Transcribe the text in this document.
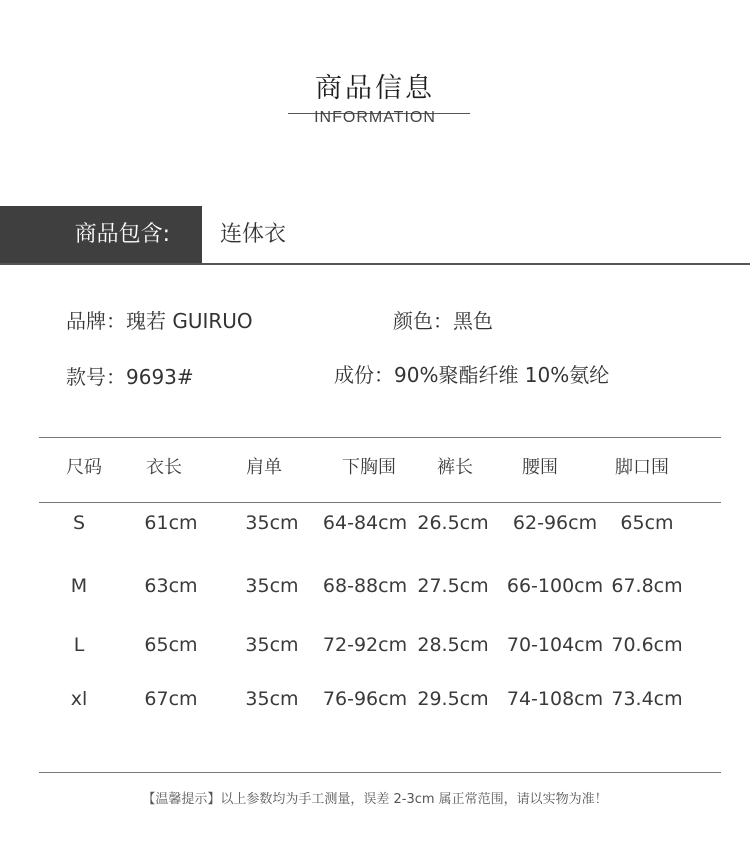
商品信息
INFORMATION
商品包含:	连体衣
品牌：瑰若 GUIRUO	颜色：黑色
款号：9693#	成份：90%聚酯纤维 10%氨纶
尺码 衣长	肩单	下胸围 裤长	腰围	脚口围
S	61cm	35cm 64-84cm 26.5cm 62-96cm 65cm
M	63cm	35cm 68-88cm 27.5cm 66-100cm 67.8cm
L	65cm	35cm 72-92cm 28.5cm 70-104cm 70.6cm
xl	67cm	35cm 76-96cm 29.5cm 74-108cm 73.4cm
【温馨提示】以上参数均为手工测量，误差 2-3cm 属正常范围，请以实物为准！
